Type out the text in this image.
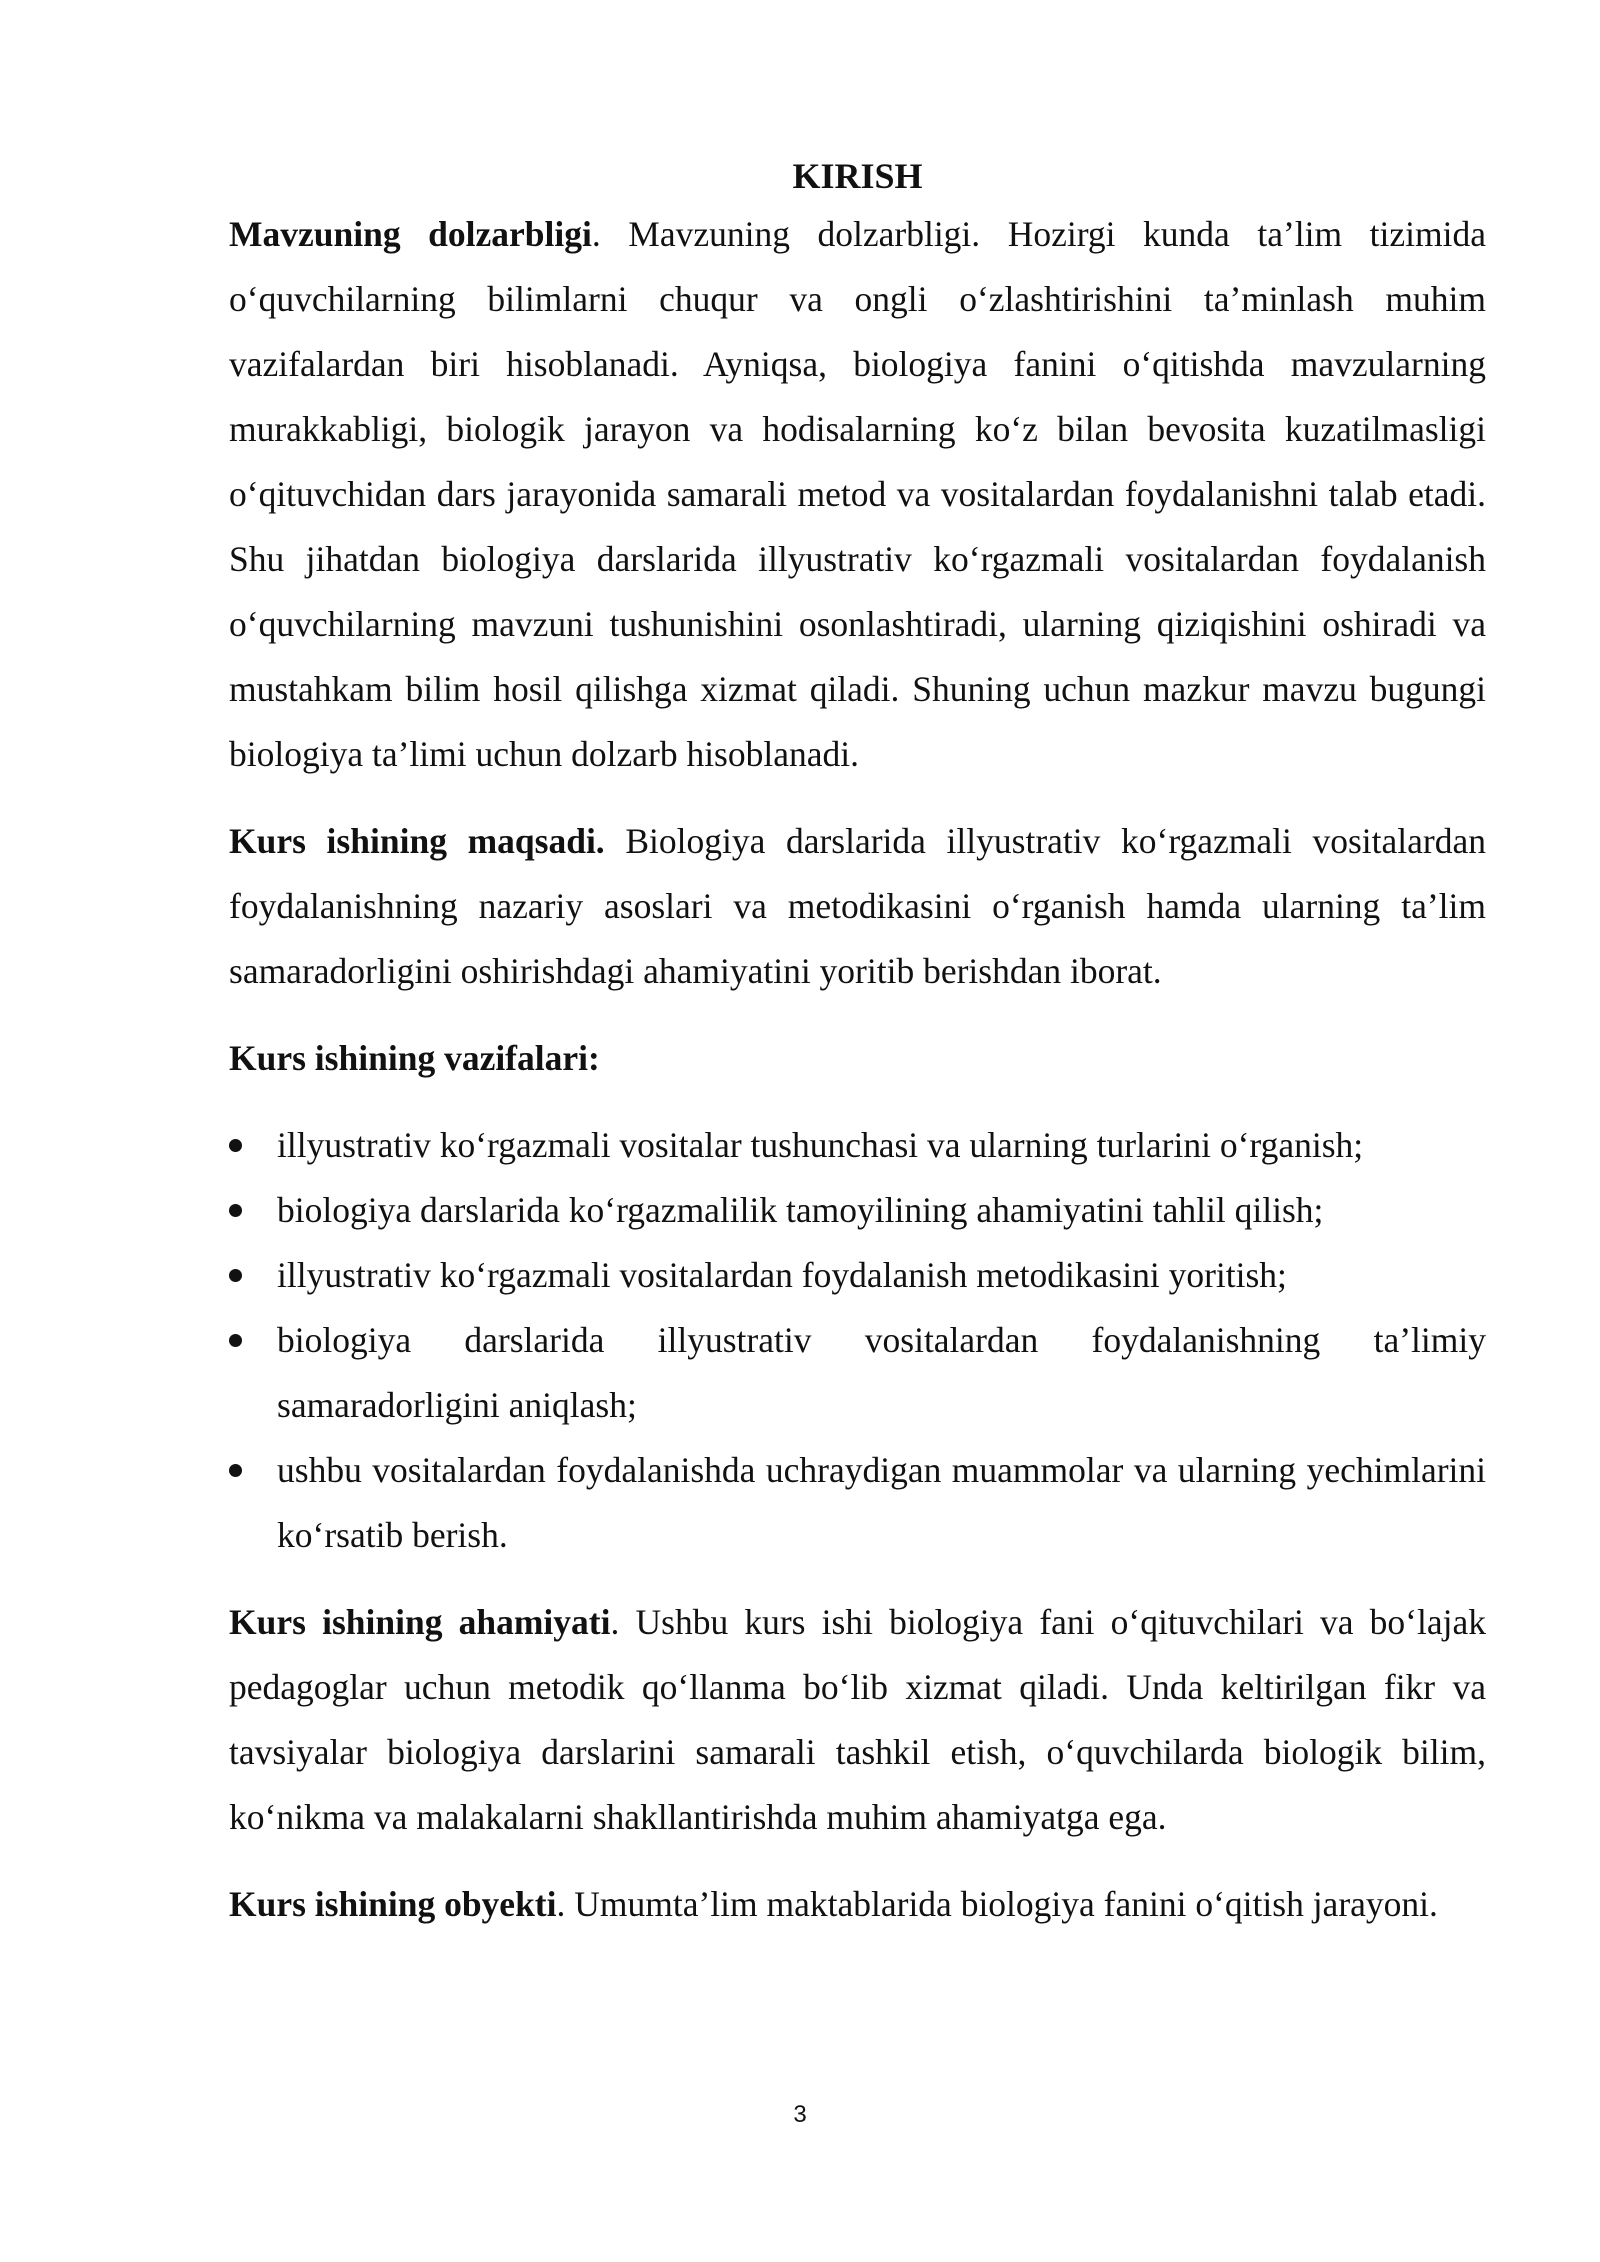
KIRISH

Mavzuning dolzarbligi. Mavzuning dolzarbligi. Hozirgi kunda ta’lim tizimida o‘quvchilarning bilimlarni chuqur va ongli o‘zlashtirishini ta’minlash muhim vazifalardan biri hisoblanadi. Ayniqsa, biologiya fanini o‘qitishda mavzularning murakkabligi, biologik jarayon va hodisalarning ko‘z bilan bevosita kuzatilmasligi o‘qituvchidan dars jarayonida samarali metod va vositalardan foydalanishni talab etadi. Shu jihatdan biologiya darslarida illyustrativ ko‘rgazmali vositalardan foydalanish o‘quvchilarning mavzuni tushunishini osonlashtiradi, ularning qiziqishini oshiradi va mustahkam bilim hosil qilishga xizmat qiladi. Shuning uchun mazkur mavzu bugungi biologiya ta’limi uchun dolzarb hisoblanadi.

Kurs ishining maqsadi. Biologiya darslarida illyustrativ ko‘rgazmali vositalardan foydalanishning nazariy asoslari va metodikasini o‘rganish hamda ularning ta’lim samaradorligini oshirishdagi ahamiyatini yoritib berishdan iborat.

Kurs ishining vazifalari:

illyustrativ ko‘rgazmali vositalar tushunchasi va ularning turlarini o‘rganish;
biologiya darslarida ko‘rgazmalilik tamoyilining ahamiyatini tahlil qilish;
illyustrativ ko‘rgazmali vositalardan foydalanish metodikasini yoritish;
biologiya darslarida illyustrativ vositalardan foydalanishning ta’limiy samaradorligini aniqlash;
ushbu vositalardan foydalanishda uchraydigan muammolar va ularning yechimlarini ko‘rsatib berish.

Kurs ishining ahamiyati. Ushbu kurs ishi biologiya fani o‘qituvchilari va bo‘lajak pedagoglar uchun metodik qo‘llanma bo‘lib xizmat qiladi. Unda keltirilgan fikr va tavsiyalar biologiya darslarini samarali tashkil etish, o‘quvchilarda biologik bilim, ko‘nikma va malakalarni shakllantirishda muhim ahamiyatga ega.

Kurs ishining obyekti. Umumta’lim maktablarida biologiya fanini o‘qitish jarayoni.

3
